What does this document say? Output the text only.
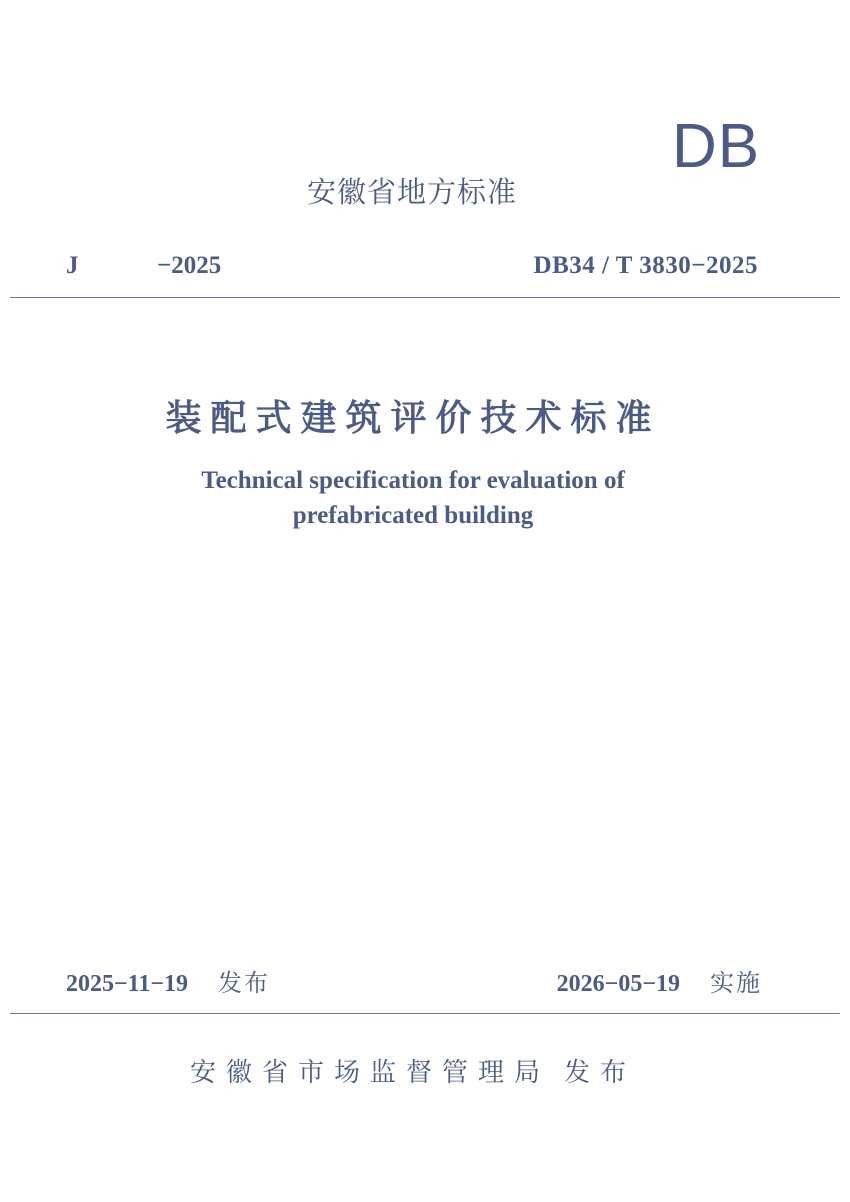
DB
安徽省地方标准
J	−2025	DB34 / T 3830−2025
装配式建筑评价技术标准
Technical specification for evaluation of
prefabricated building
2025−11−19 发布	2026−05−19 实施
安徽省市场监督管理局 发布
